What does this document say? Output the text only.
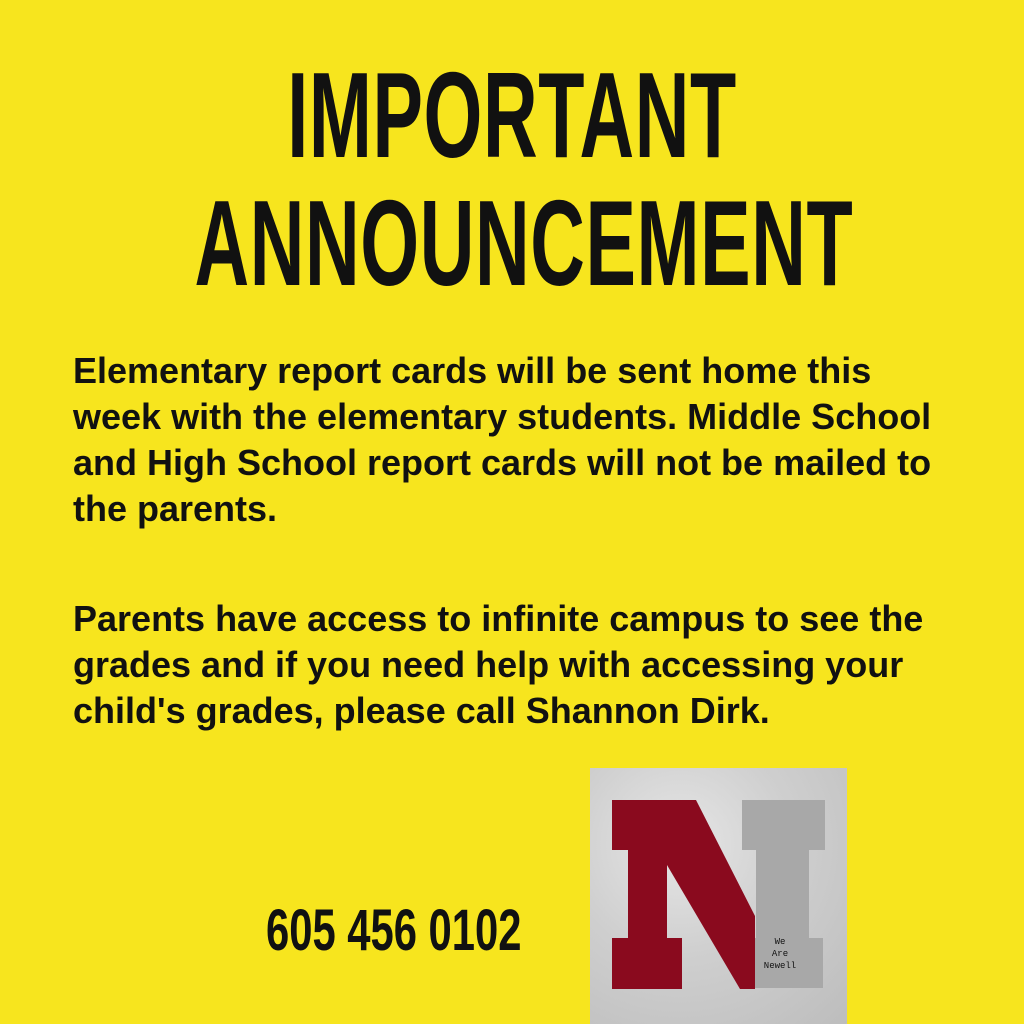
IMPORTANT
ANNOUNCEMENT

Elementary report cards will be sent home this week with the elementary students. Middle School and High School report cards will not be mailed to the parents.

Parents have access to infinite campus to see the grades and if you need help with accessing your child's grades, please call Shannon Dirk.

605 456 0102	We
Are
Newell
